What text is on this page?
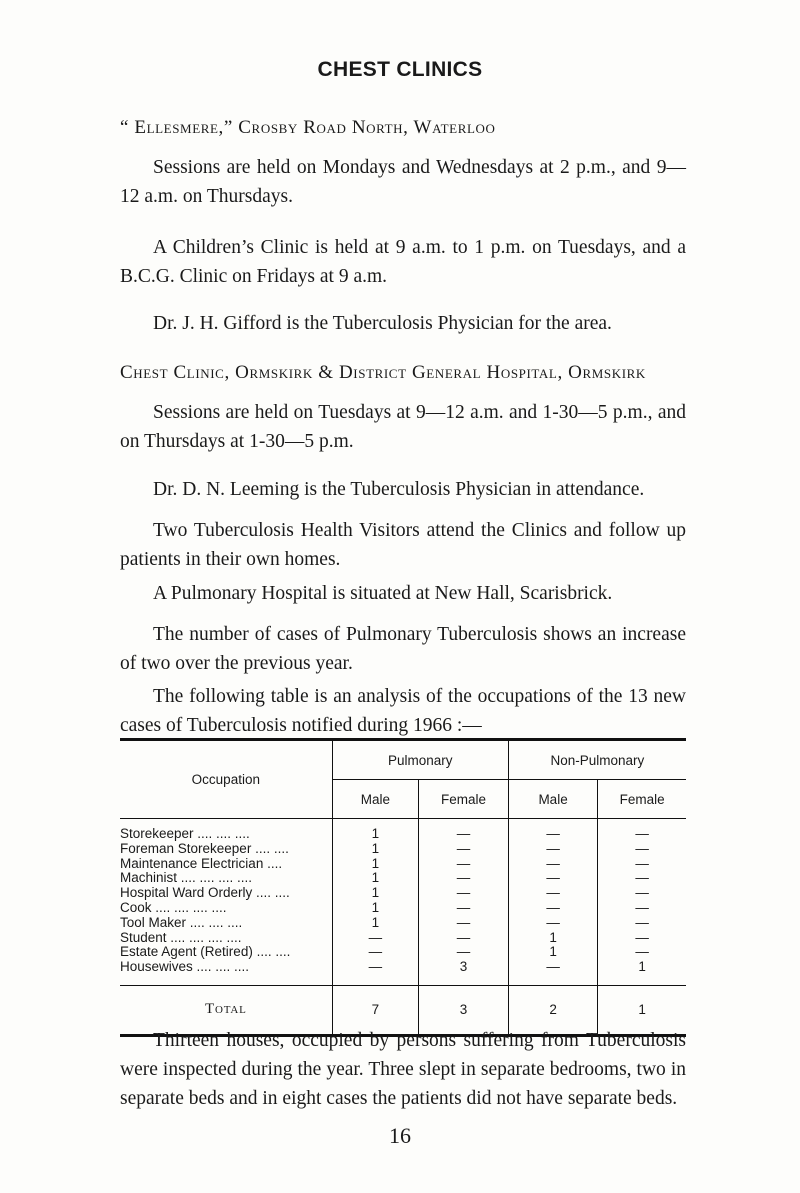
CHEST CLINICS
“ Ellesmere,” Crosby Road North, Waterloo

Sessions are held on Mondays and Wednesdays at 2 p.m., and 9—12 a.m. on Thursdays.

A Children’s Clinic is held at 9 a.m. to 1 p.m. on Tuesdays, and a B.C.G. Clinic on Fridays at 9 a.m.

Dr. J. H. Gifford is the Tuberculosis Physician for the area.

Chest Clinic, Ormskirk & District General Hospital, Ormskirk

Sessions are held on Tuesdays at 9—12 a.m. and 1-30—5 p.m., and on Thursdays at 1-30—5 p.m.

Dr. D. N. Leeming is the Tuberculosis Physician in attendance.

Two Tuberculosis Health Visitors attend the Clinics and follow up patients in their own homes.

A Pulmonary Hospital is situated at New Hall, Scarisbrick.

The number of cases of Pulmonary Tuberculosis shows an increase of two over the previous year.

The following table is an analysis of the occupations of the 13 new cases of Tuberculosis notified during 1966 :—

Occupation	Pulmonary		Non-Pulmonary	
	Male	Female	Male	Female

Storekeeper .... .... ....	1	—	—	—
Foreman Storekeeper .... ....	1	—	—	—
Maintenance Electrician ....	1	—	—	—
Machinist .... .... .... ....	1	—	—	—
Hospital Ward Orderly .... ....	1	—	—	—
Cook .... .... .... ....	1	—	—	—
Tool Maker .... .... ....	1	—	—	—
Student .... .... .... ....	—	—	1	—
Estate Agent (Retired) .... ....	—	—	1	—
Housewives .... .... ....	—	3	—	1
Total	7	3	2	1

Thirteen houses, occupied by persons suffering from Tuberculosis were inspected during the year. Three slept in separate bedrooms, two in separate beds and in eight cases the patients did not have separate beds.

16
